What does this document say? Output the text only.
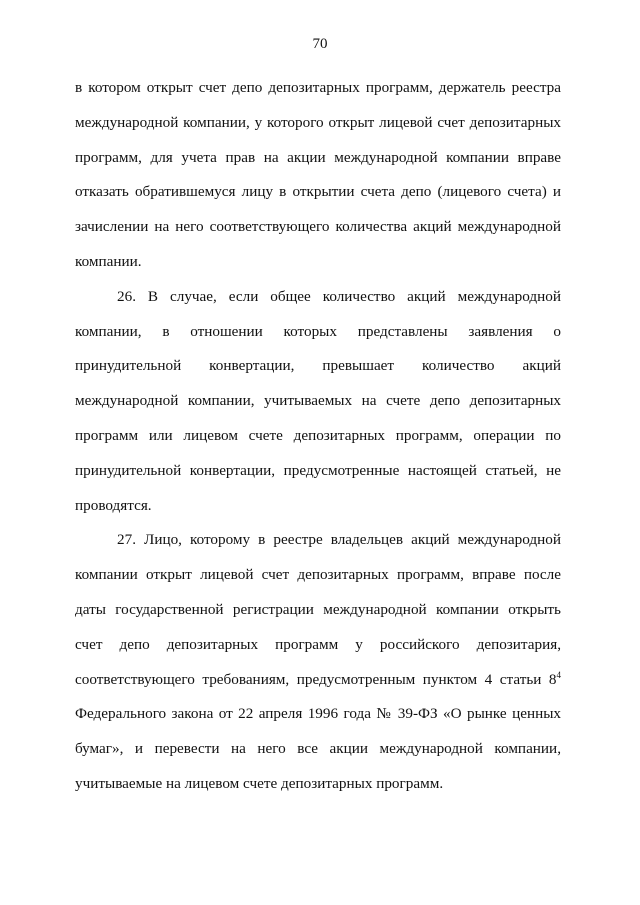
70

в котором открыт счет депо депозитарных программ, держатель реестра международной компании, у которого открыт лицевой счет депозитарных программ, для учета прав на акции международной компании вправе отказать обратившемуся лицу в открытии счета депо (лицевого счета) и зачислении на него соответствующего количества акций международной компании.

26. В случае, если общее количество акций международной компании, в отношении которых представлены заявления о принудительной конвертации, превышает количество акций международной компании, учитываемых на счете депо депозитарных программ или лицевом счете депозитарных программ, операции по принудительной конвертации, предусмотренные настоящей статьей, не проводятся.

27. Лицо, которому в реестре владельцев акций международной компании открыт лицевой счет депозитарных программ, вправе после даты государственной регистрации международной компании открыть счет депо депозитарных программ у российского депозитария, соответствующего требованиям, предусмотренным пунктом 4 статьи $8^4$ Федерального закона от 22 апреля 1996 года № 39-ФЗ «О рынке ценных бумаг», и перевести на него все акции международной компании, учитываемые на лицевом счете депозитарных программ.
